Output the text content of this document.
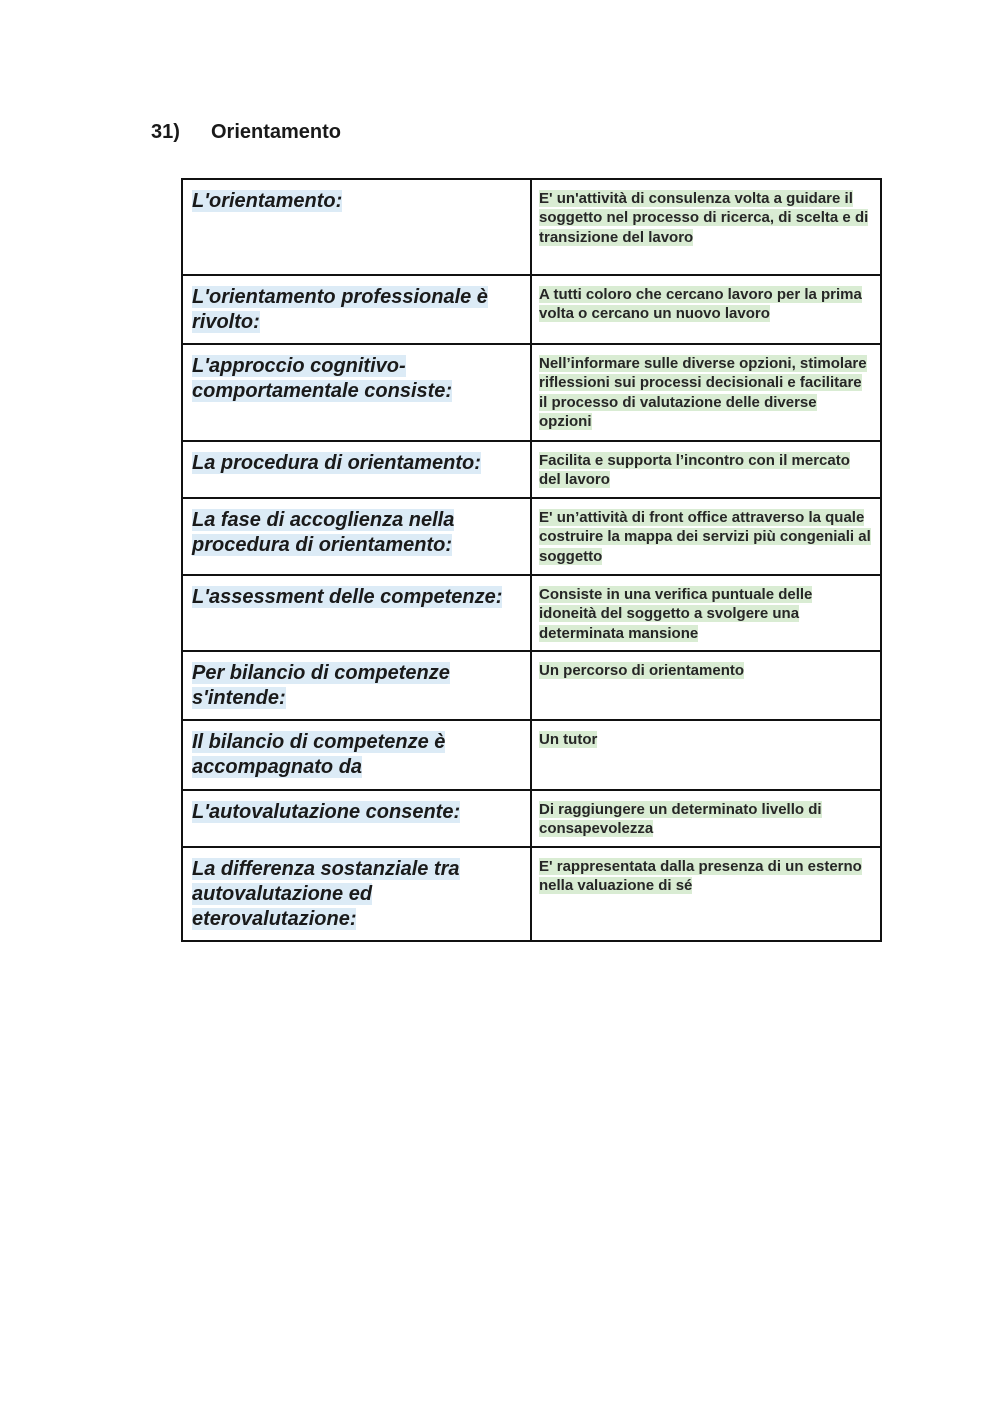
31)	Orientamento
L'orientamento:	E' un'attività di consulenza volta a guidare il soggetto nel processo di ricerca, di scelta e di transizione del lavoro

L'orientamento professionale è rivolto:	A tutti coloro che cercano lavoro per la prima volta o cercano un nuovo lavoro

L'approccio cognitivo-comportamentale consiste:	Nell’informare sulle diverse opzioni, stimolare riflessioni sui processi decisionali e facilitare il processo di valutazione delle diverse opzioni

La procedura di orientamento:	Facilita e supporta l’incontro con il mercato del lavoro

La fase di accoglienza nella procedura di orientamento:	E' un’attività di front office attraverso la quale costruire la mappa dei servizi più congeniali al soggetto

L'assessment delle competenze:	Consiste in una verifica puntuale delle idoneità del soggetto a svolgere una determinata mansione

Per bilancio di competenze s'intende:	Un percorso di orientamento

Il bilancio di competenze è accompagnato da	Un tutor

L'autovalutazione consente:	Di raggiungere un determinato livello di consapevolezza

La differenza sostanziale tra autovalutazione ed eterovalutazione:	E' rappresentata dalla presenza di un esterno nella valuazione di sé
